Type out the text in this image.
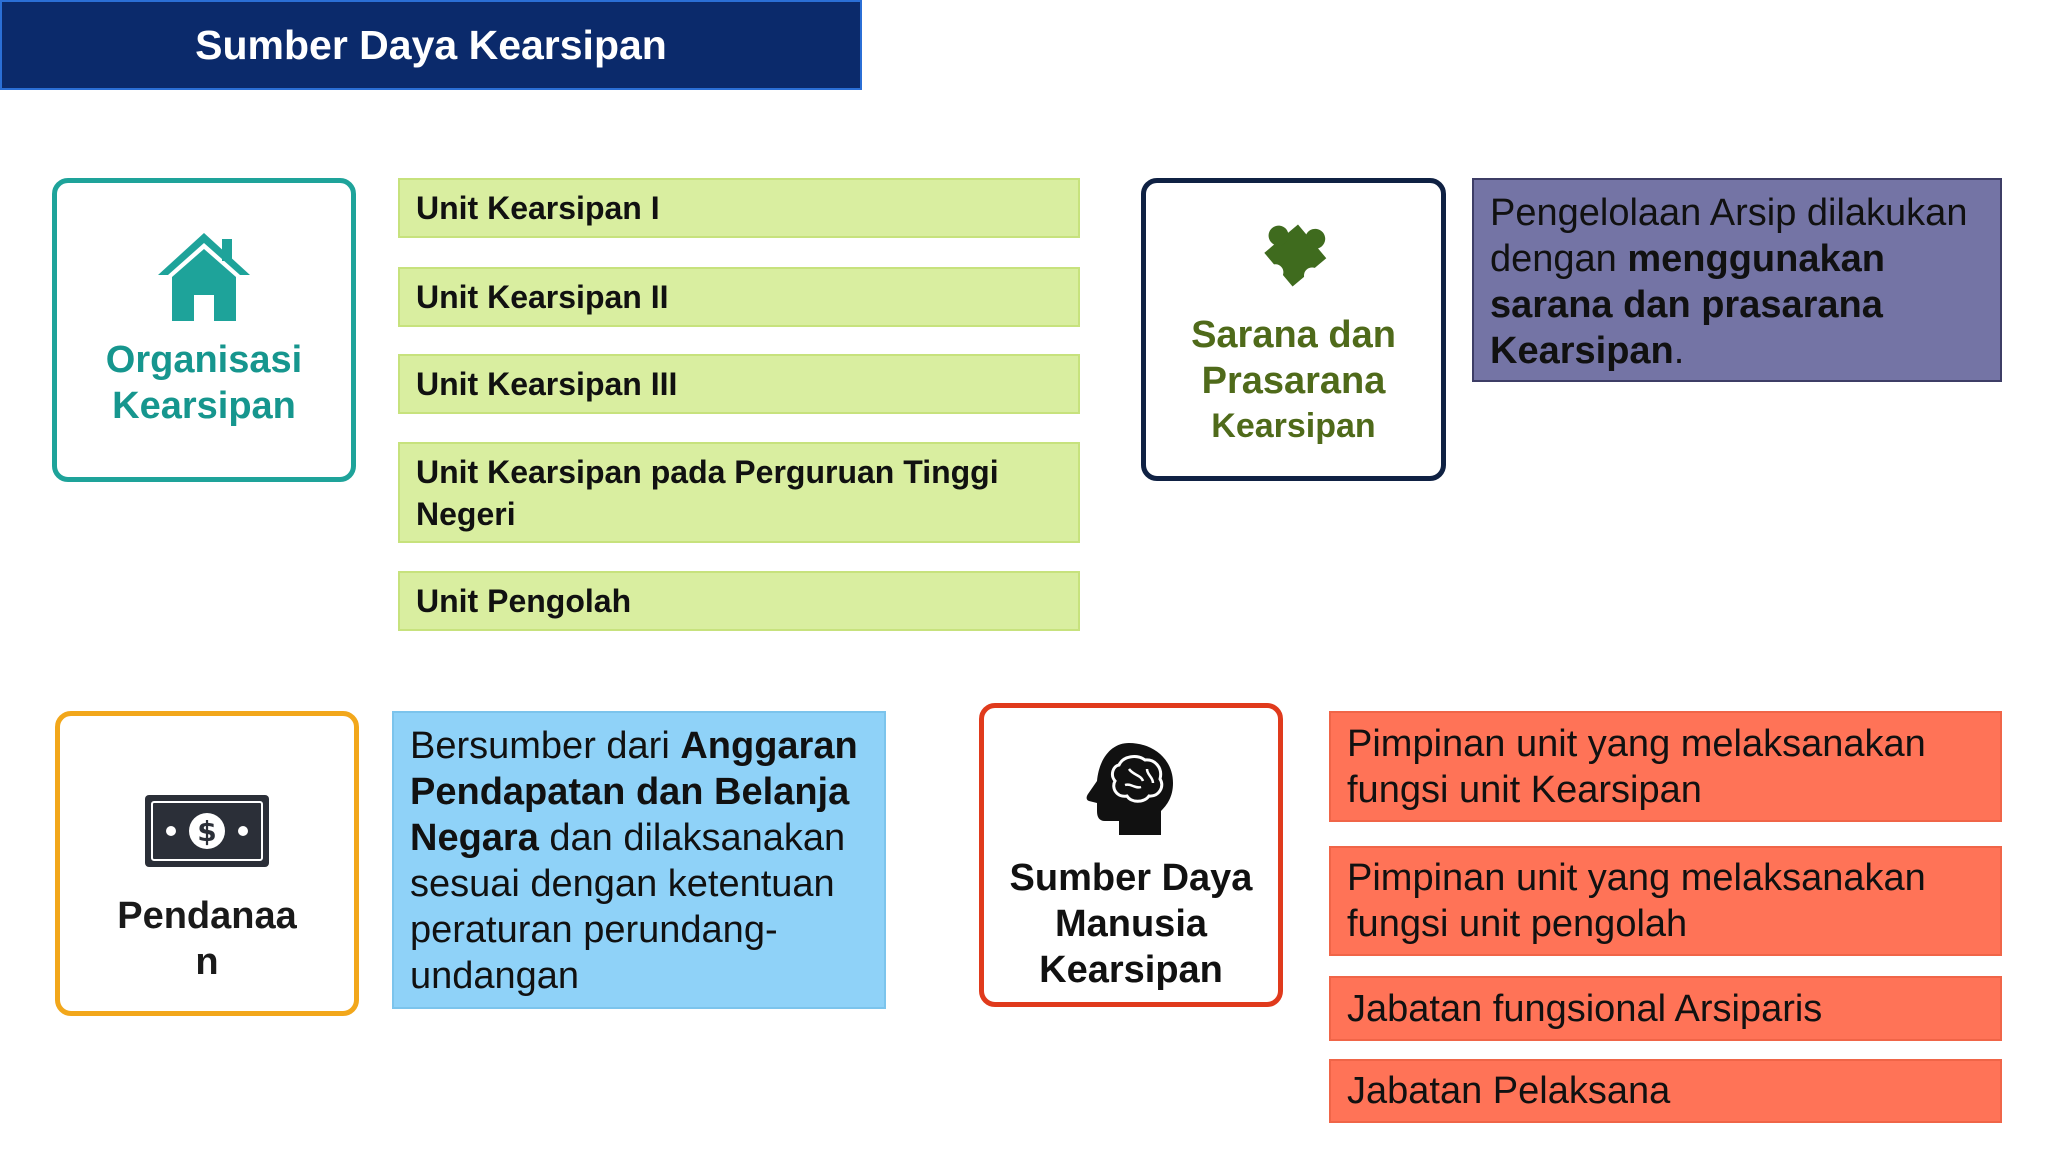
Sumber Daya Kearsipan
Organisasi
Kearsipan
Unit Kearsipan I
Unit Kearsipan II
Unit Kearsipan III
Unit Kearsipan pada Perguruan Tinggi Negeri
Unit Pengolah
Sarana dan
Prasarana
Kearsipan
Pengelolaan Arsip dilakukan dengan menggunakan sarana dan prasarana Kearsipan.
$
Pendanaa
n
Bersumber dari Anggaran Pendapatan dan Belanja Negara dan dilaksanakan sesuai dengan ketentuan peraturan perundang-undangan
Sumber Daya
Manusia
Kearsipan
Pimpinan unit yang melaksanakan fungsi unit Kearsipan
Pimpinan unit yang melaksanakan fungsi unit pengolah
Jabatan fungsional Arsiparis
Jabatan Pelaksana
